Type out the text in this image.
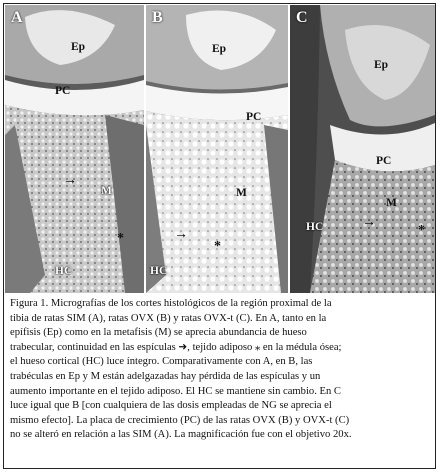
A
Ep
PC
→
M
*
HC
B
Ep
PC
M
→
*
HC
C
Ep
PC
M
→
HC	*
Figura 1. Micrografías de los cortes histológicos de la región proximal de la
tibia de ratas SIM (A), ratas OVX (B) y ratas OVX-t (C). En A, tanto en la
epífisis (Ep) como en la metafisis (M) se aprecia abundancia de hueso
trabecular, continuidad en las espículas ➜, tejido adiposo ⁎ en la médula ósea;
el hueso cortical (HC) luce íntegro. Comparativamente con A, en B, las
trabéculas en Ep y M están adelgazadas hay pérdida de las espículas y un
aumento importante en el tejido adiposo. El HC se mantiene sin cambio. En C
luce igual que B [con cualquiera de las dosis empleadas de NG se aprecia el
mismo efecto]. La placa de crecimiento (PC) de las ratas OVX (B) y OVX-t (C)
no se alteró en relación a las SIM (A). La magnificación fue con el objetivo 20x.
